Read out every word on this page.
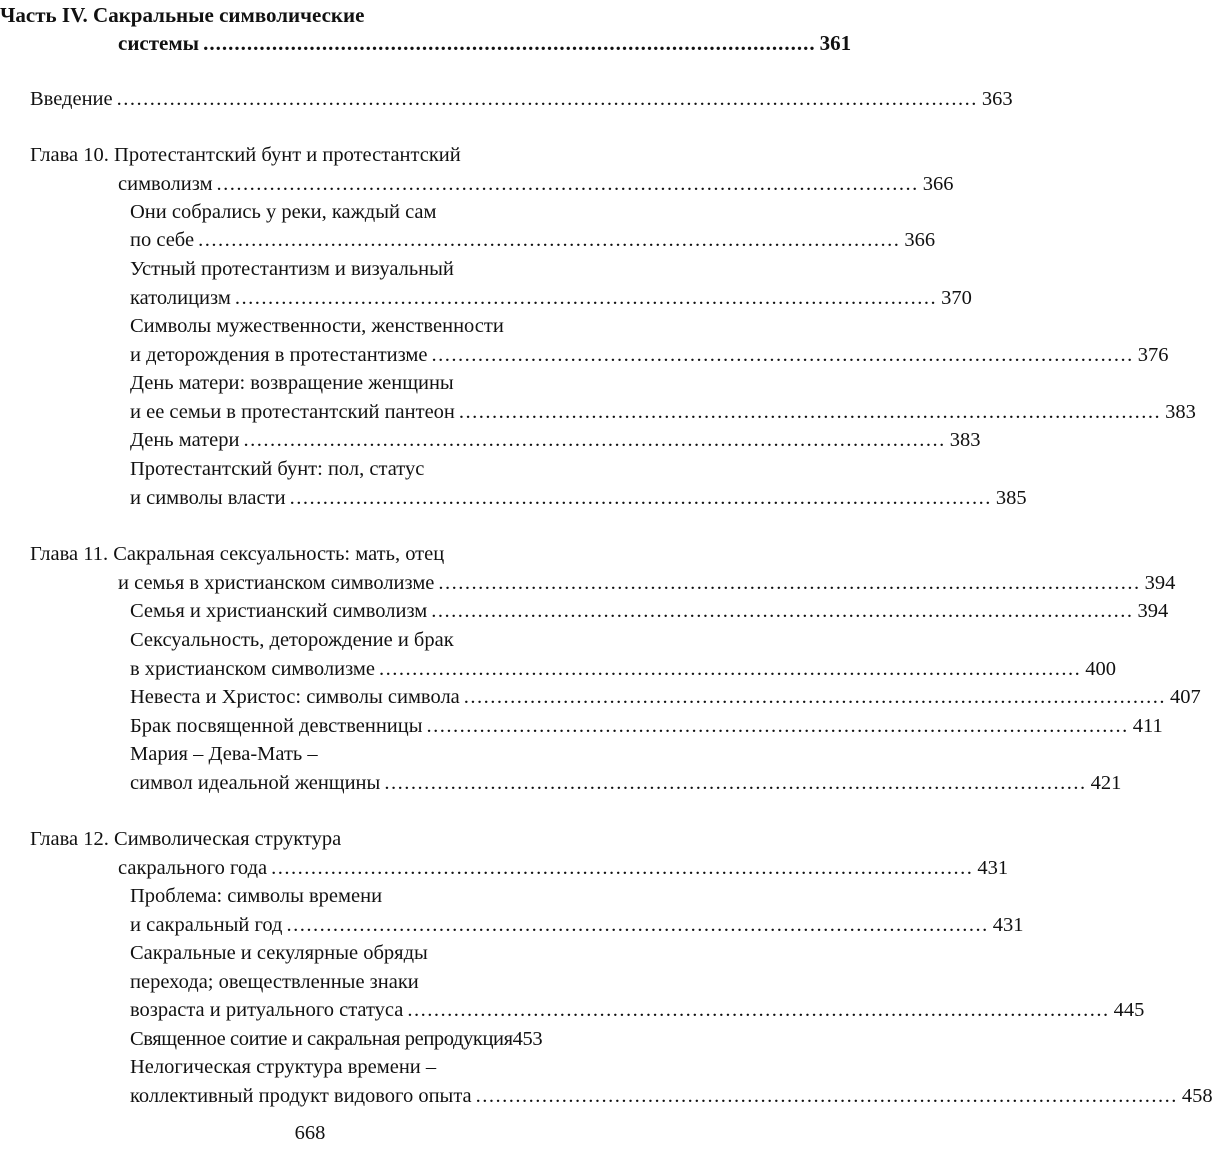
Часть IV. Сакральные символические
системы .................................................................................................. 361
Введение .................................................................................................................................. 363
Глава 10. Протестантский бунт и протестантский
символизм .......................................................................................................... 366
Они собрались у реки, каждый сам
по себе .......................................................................................................... 366
Устный протестантизм и визуальный
католицизм .......................................................................................................... 370
Символы мужественности, женственности
и деторождения в протестантизме .......................................................................................................... 376
День матери: возвращение женщины
и ее семьи в протестантский пантеон .......................................................................................................... 383
День матери .......................................................................................................... 383
Протестантский бунт: пол, статус
и символы власти .......................................................................................................... 385
Глава 11. Сакральная сексуальность: мать, отец
и семья в христианском символизме .......................................................................................................... 394
Семья и христианский символизм .......................................................................................................... 394
Сексуальность, деторождение и брак
в христианском символизме .......................................................................................................... 400
Невеста и Христос: символы символа .......................................................................................................... 407
Брак посвященной девственницы .......................................................................................................... 411
Мария – Дева-Мать –
символ идеальной женщины .......................................................................................................... 421
Глава 12. Символическая структура
сакрального года .......................................................................................................... 431
Проблема: символы времени
и сакральный год .......................................................................................................... 431
Сакральные и секулярные обряды
перехода; овеществленные знаки
возраста и ритуального статуса .......................................................................................................... 445
Священное соитие и сакральная репродукция 453
Нелогическая структура времени –
коллективный продукт видового опыта .......................................................................................................... 458
668
